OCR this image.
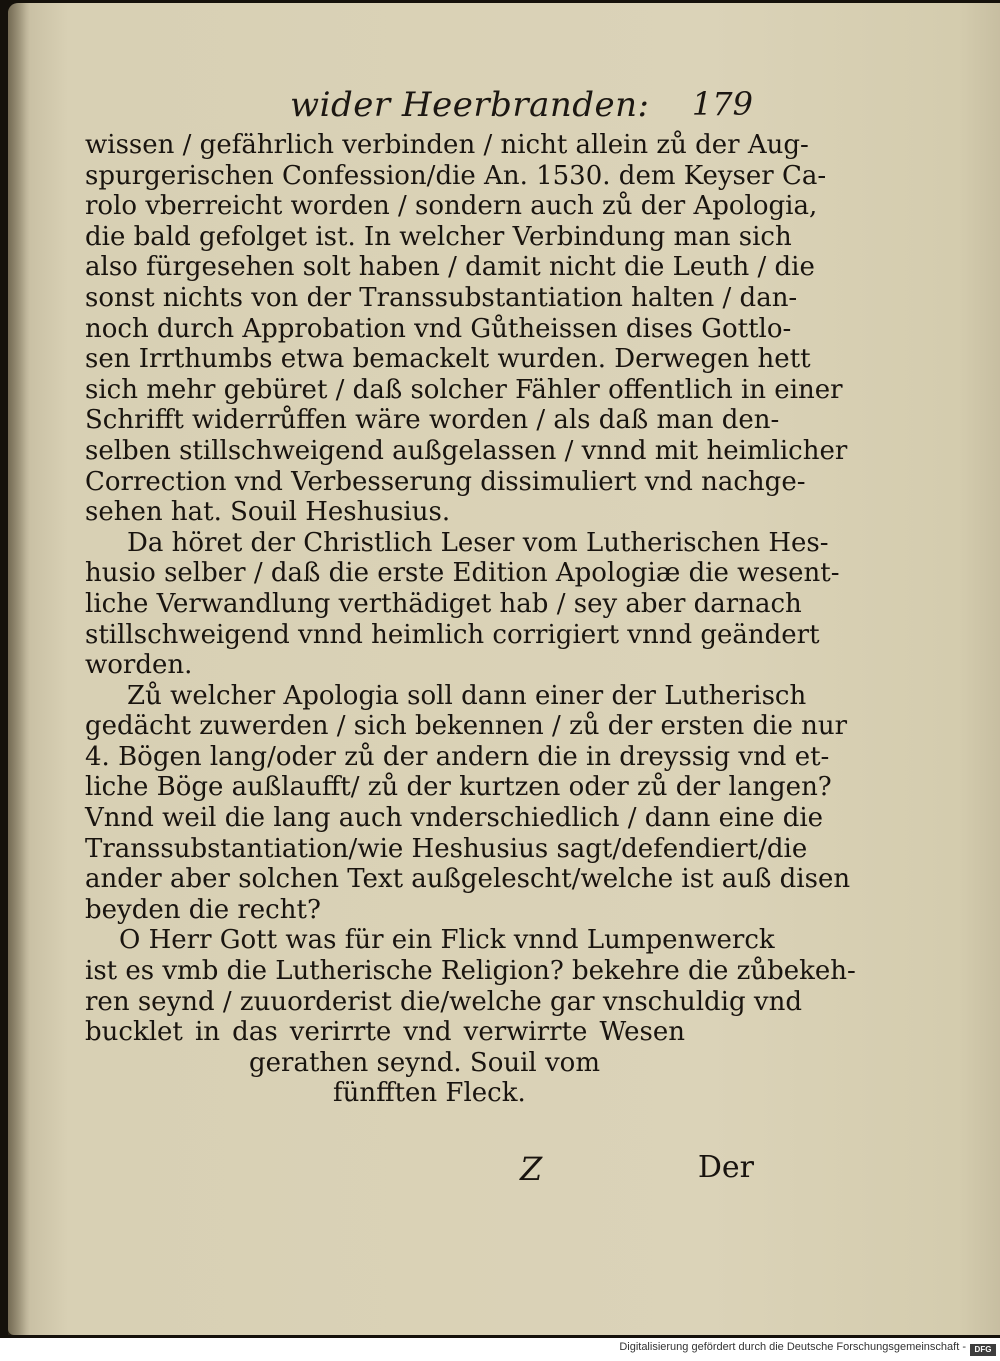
wider Heerbranden: 179
wissen / gefährlich verbinden / nicht allein zů der Aug-
spurgerischen Confession/die An. 1530. dem Keyser Ca-
rolo vberreicht worden / sondern auch zů der Apologia,
die bald gefolget ist. In welcher Verbindung man sich
also fürgesehen solt haben / damit nicht die Leuth / die
sonst nichts von der Transsubstantiation halten / dan-
noch durch Approbation vnd Gůtheissen dises Gottlo-
sen Irrthumbs etwa bemackelt wurden. Derwegen hett
sich mehr gebüret / daß solcher Fähler offentlich in einer
Schrifft widerrůffen wäre worden / als daß man den-
selben stillschweigend außgelassen / vnnd mit heimlicher
Correction vnd Verbesserung dissimuliert vnd nachge-
sehen hat. Souil Heshusius.
Da höret der Christlich Leser vom Lutherischen Hes-
husio selber / daß die erste Edition Apologiæ die wesent-
liche Verwandlung verthädiget hab / sey aber darnach
stillschweigend vnnd heimlich corrigiert vnnd geändert
worden.
Zů welcher Apologia soll dann einer der Lutherisch
gedächt zuwerden / sich bekennen / zů der ersten die nur
4. Bögen lang/oder zů der andern die in dreyssig vnd et-
liche Böge außlaufft/ zů der kurtzen oder zů der langen?
Vnnd weil die lang auch vnderschiedlich / dann eine die
Transsubstantiation/wie Heshusius sagt/defendiert/die
ander aber solchen Text außgelescht/welche ist auß disen
beyden die recht?
O Herr Gott was für ein Flick vnnd Lumpenwerck
ist es vmb die Lutherische Religion? bekehre die zůbekeh-
ren seynd / zuuorderist die/welche gar vnschuldig vnd
bucklet in das verirrte vnd verwirrte Wesen
gerathen seynd. Souil vom
fünfften Fleck.
Z	Der
Digitalisierung gefördert durch die Deutsche Forschungsgemeinschaft -	DFG
